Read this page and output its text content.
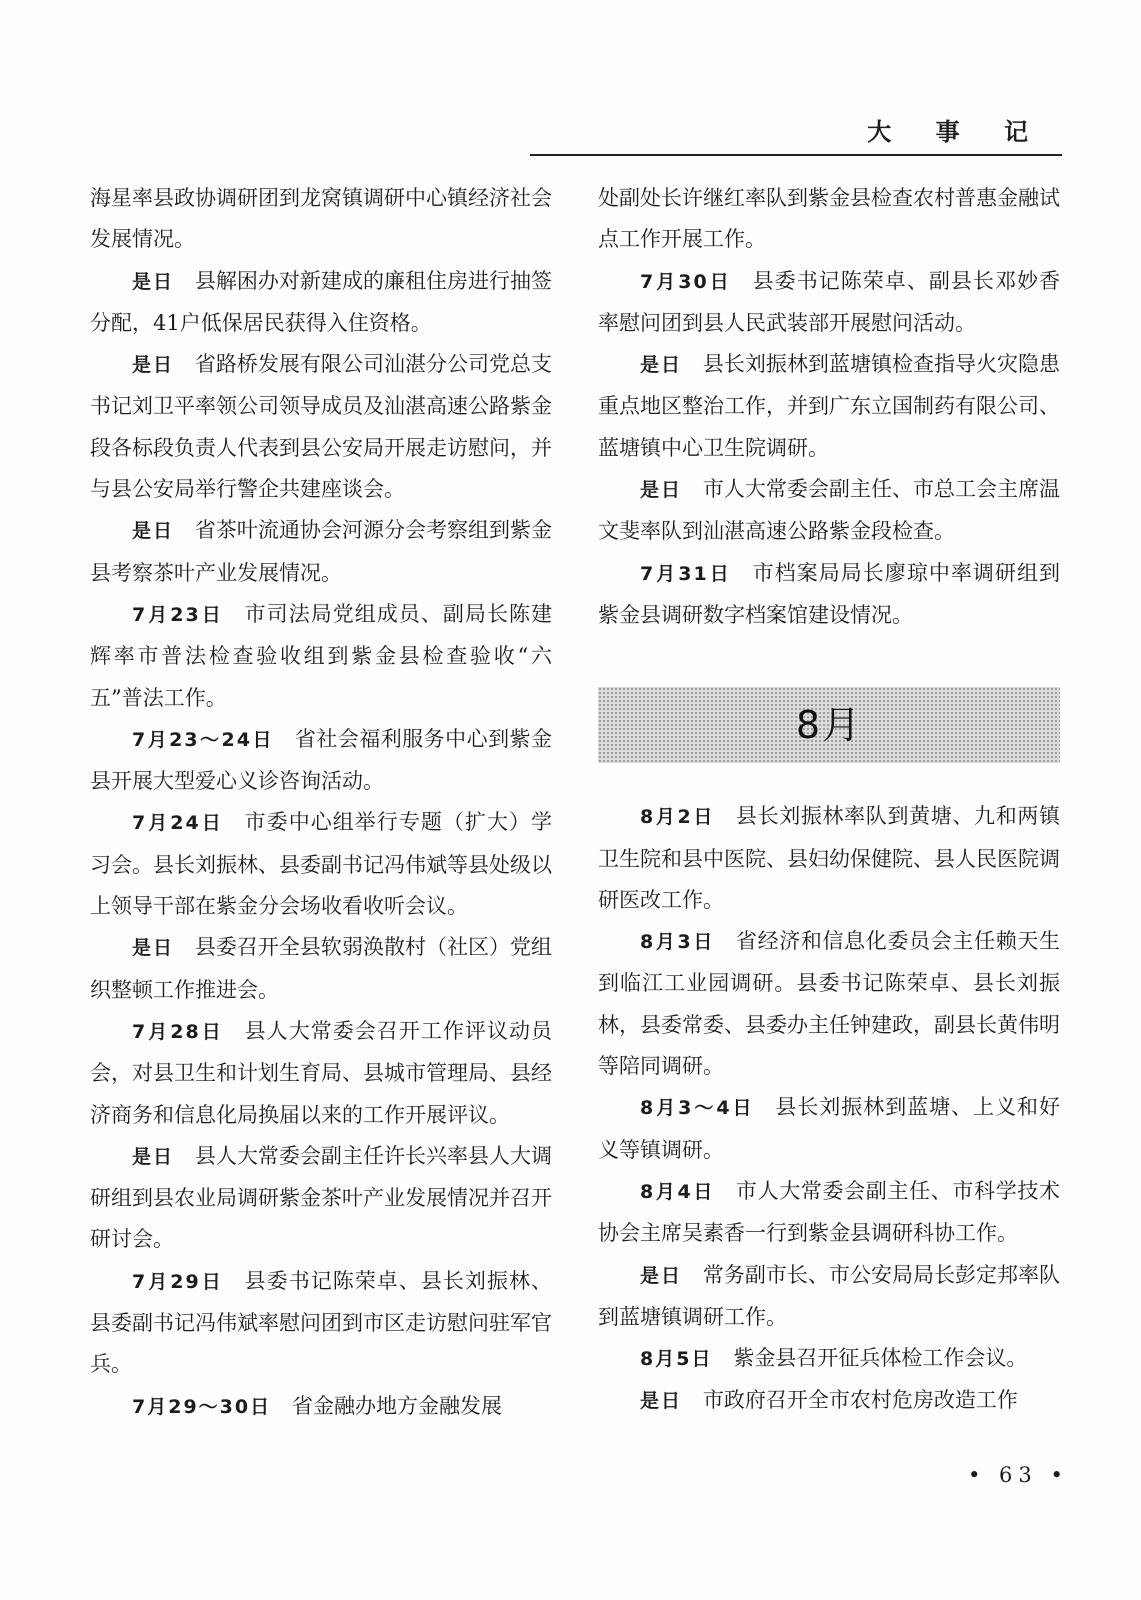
大 事 记

海星率县政协调研团到龙窝镇调研中心镇经济社会发展情况。

是日 县解困办对新建成的廉租住房进行抽签分配，41户低保居民获得入住资格。

是日 省路桥发展有限公司汕湛分公司党总支书记刘卫平率领公司领导成员及汕湛高速公路紫金段各标段负责人代表到县公安局开展走访慰问，并与县公安局举行警企共建座谈会。

是日 省茶叶流通协会河源分会考察组到紫金县考察茶叶产业发展情况。

7月23日 市司法局党组成员、副局长陈建辉率市普法检查验收组到紫金县检查验收“六五”普法工作。

7月23～24日 省社会福利服务中心到紫金县开展大型爱心义诊咨询活动。

7月24日 市委中心组举行专题（扩大）学习会。县长刘振林、县委副书记冯伟斌等县处级以上领导干部在紫金分会场收看收听会议。

是日 县委召开全县软弱涣散村（社区）党组织整顿工作推进会。

7月28日 县人大常委会召开工作评议动员会，对县卫生和计划生育局、县城市管理局、县经济商务和信息化局换届以来的工作开展评议。

是日 县人大常委会副主任许长兴率县人大调研组到县农业局调研紫金茶叶产业发展情况并召开研讨会。

7月29日 县委书记陈荣卓、县长刘振林、县委副书记冯伟斌率慰问团到市区走访慰问驻军官兵。

7月29～30日 省金融办地方金融发展

处副处长许继红率队到紫金县检查农村普惠金融试点工作开展工作。

7月30日 县委书记陈荣卓、副县长邓妙香率慰问团到县人民武装部开展慰问活动。

是日 县长刘振林到蓝塘镇检查指导火灾隐患重点地区整治工作，并到广东立国制药有限公司、蓝塘镇中心卫生院调研。

是日 市人大常委会副主任、市总工会主席温文斐率队到汕湛高速公路紫金段检查。

7月31日 市档案局局长廖琼中率调研组到紫金县调研数字档案馆建设情况。

8月

8月2日 县长刘振林率队到黄塘、九和两镇卫生院和县中医院、县妇幼保健院、县人民医院调研医改工作。

8月3日 省经济和信息化委员会主任赖天生到临江工业园调研。县委书记陈荣卓、县长刘振林，县委常委、县委办主任钟建政，副县长黄伟明等陪同调研。

8月3～4日 县长刘振林到蓝塘、上义和好义等镇调研。

8月4日 市人大常委会副主任、市科学技术协会主席吴素香一行到紫金县调研科协工作。

是日 常务副市长、市公安局局长彭定邦率队到蓝塘镇调研工作。

8月5日 紫金县召开征兵体检工作会议。

是日 市政府召开全市农村危房改造工作

• 63 •
